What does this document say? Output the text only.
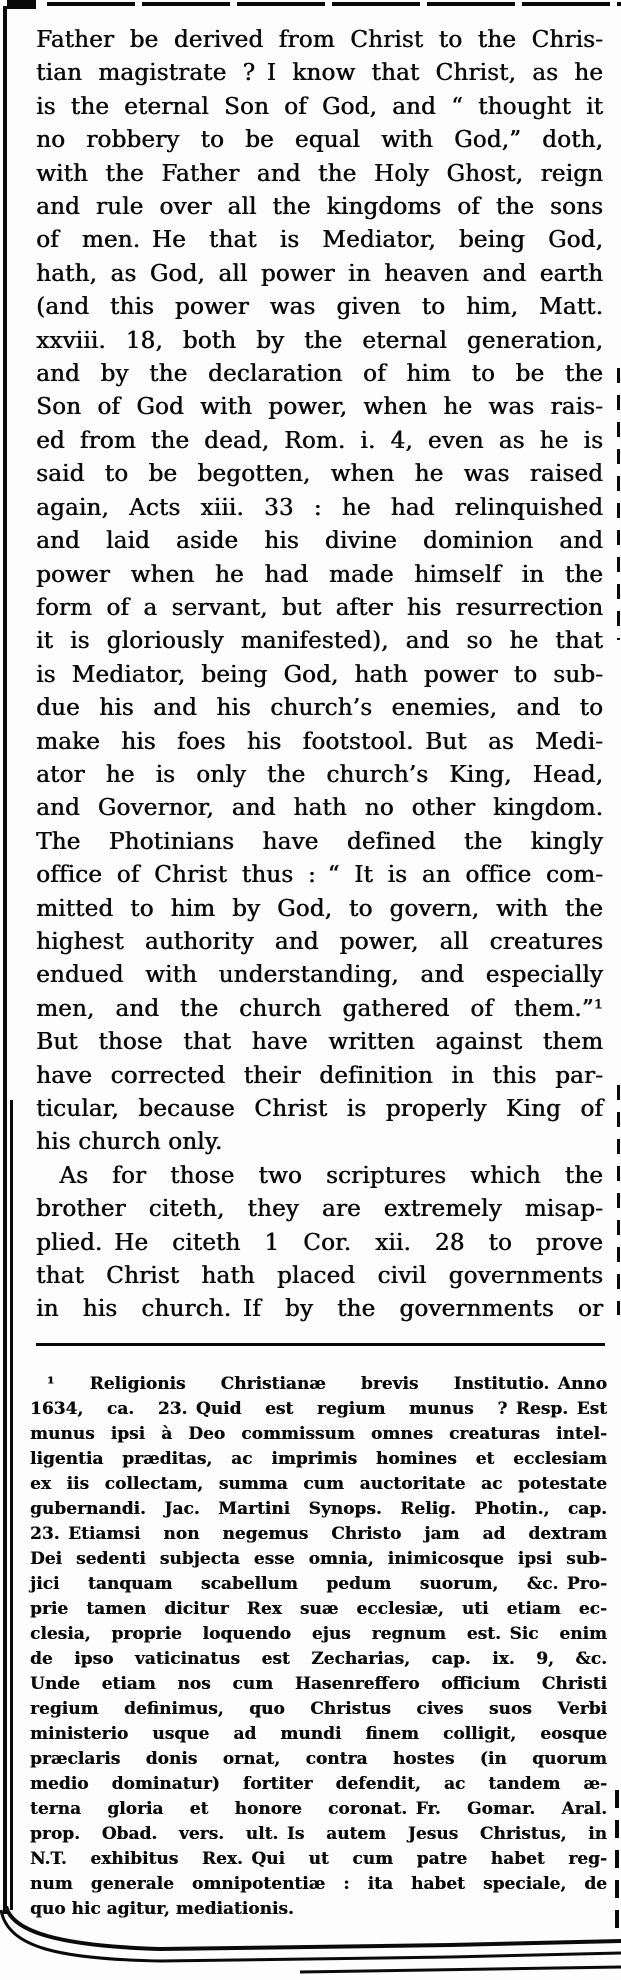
Father be derived from Christ to the Chris-
tian magistrate ? I know that Christ, as he
is the eternal Son of God, and “ thought it
no robbery to be equal with God,” doth,
with the Father and the Holy Ghost, reign
and rule over all the kingdoms of the sons
of men. He that is Mediator, being God,
hath, as God, all power in heaven and earth
(and this power was given to him, Matt.
xxviii. 18, both by the eternal generation,
and by the declaration of him to be the
Son of God with power, when he was rais-
ed from the dead, Rom. i. 4, even as he is
said to be begotten, when he was raised
again, Acts xiii. 33 : he had relinquished
and laid aside his divine dominion and
power when he had made himself in the
form of a servant, but after his resurrection
it is gloriously manifested), and so he that
is Mediator, being God, hath power to sub-
due his and his church’s enemies, and to
make his foes his footstool. But as Medi-
ator he is only the church’s King, Head,
and Governor, and hath no other kingdom.
The Photinians have defined the kingly
office of Christ thus : “ It is an office com-
mitted to him by God, to govern, with the
highest authority and power, all creatures
endued with understanding, and especially
men, and the church gathered of them.”¹
But those that have written against them
have corrected their definition in this par-
ticular, because Christ is properly King of
his church only.
 As for those two scriptures which the
brother citeth, they are extremely misap-
plied. He citeth 1 Cor. xii. 28 to prove
that Christ hath placed civil governments
in his church. If by the governments or
 ¹ Religionis Christianæ brevis Institutio. Anno
1634, ca. 23. Quid est regium munus ? Resp. Est
munus ipsi à Deo commissum omnes creaturas intel-
ligentia præditas, ac imprimis homines et ecclesiam
ex iis collectam, summa cum auctoritate ac potestate
gubernandi. Jac. Martini Synops. Relig. Photin., cap.
23. Etiamsi non negemus Christo jam ad dextram
Dei sedenti subjecta esse omnia, inimicosque ipsi sub-
jici tanquam scabellum pedum suorum, &c. Pro-
prie tamen dicitur Rex suæ ecclesiæ, uti etiam ec-
clesia, proprie loquendo ejus regnum est. Sic enim
de ipso vaticinatus est Zecharias, cap. ix. 9, &c.
Unde etiam nos cum Hasenreffero officium Christi
regium definimus, quo Christus cives suos Verbi
ministerio usque ad mundi finem colligit, eosque
præclaris donis ornat, contra hostes (in quorum
medio dominatur) fortiter defendit, ac tandem æ-
terna gloria et honore coronat. Fr. Gomar. Aral.
prop. Obad. vers. ult. Is autem Jesus Christus, in
N.T. exhibitus Rex. Qui ut cum patre habet reg-
num generale omnipotentiæ : ita habet speciale, de
quo hic agitur, mediationis.
